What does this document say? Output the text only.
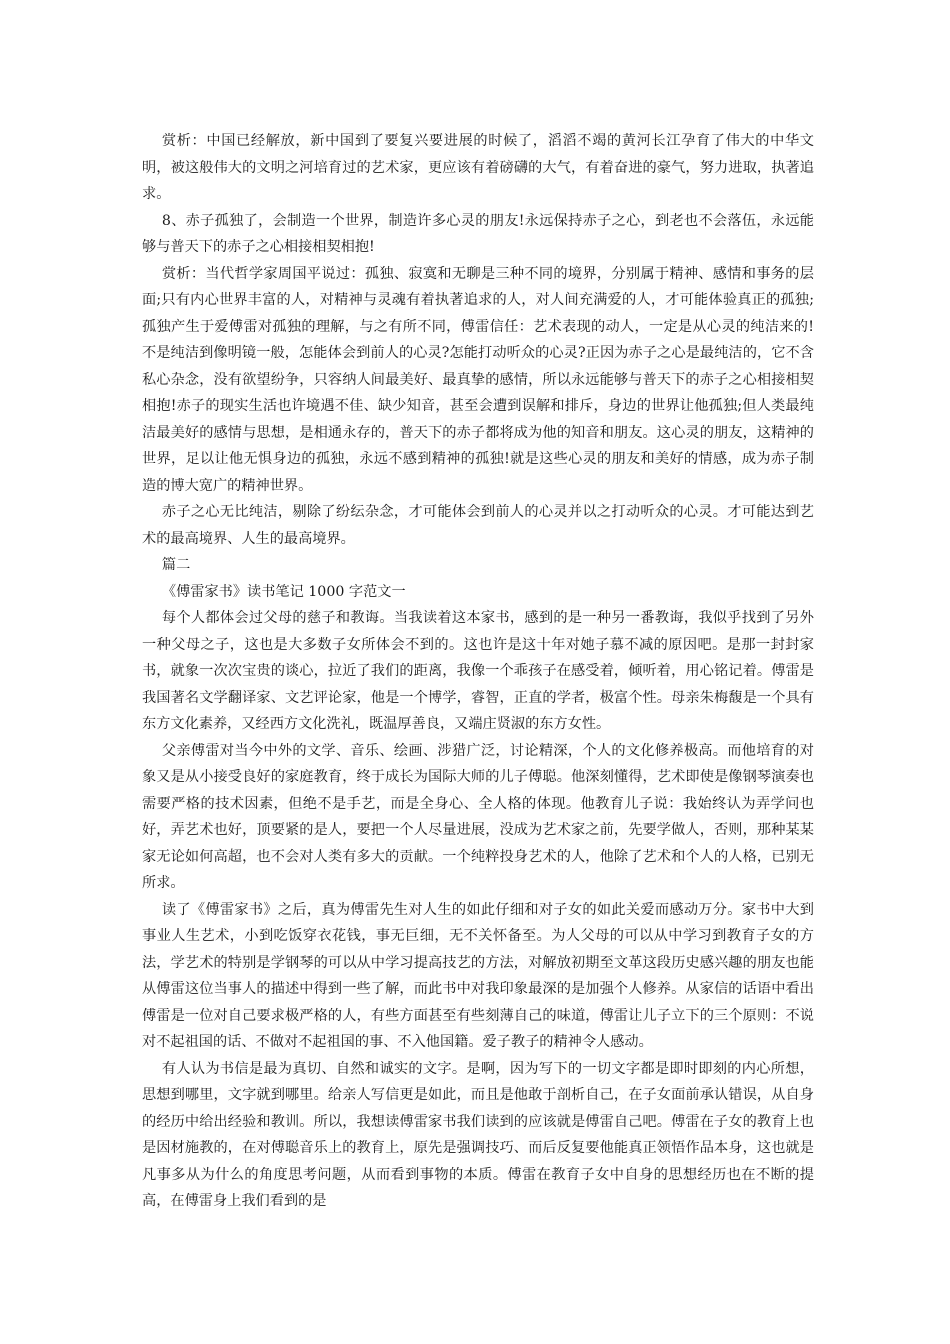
赏析：中国已经解放，新中国到了要复兴要进展的时候了，滔滔不竭的黄河长江孕育了伟大的中华文明，被这般伟大的文明之河培育过的艺术家，更应该有着磅礴的大气，有着奋进的豪气，努力进取，执著追求。

8、赤子孤独了，会制造一个世界，制造许多心灵的朋友!永远保持赤子之心，到老也不会落伍，永远能够与普天下的赤子之心相接相契相抱!

赏析：当代哲学家周国平说过：孤独、寂寞和无聊是三种不同的境界，分别属于精神、感情和事务的层面;只有内心世界丰富的人，对精神与灵魂有着执著追求的人，对人间充满爱的人，才可能体验真正的孤独;孤独产生于爱傅雷对孤独的理解，与之有所不同，傅雷信任：艺术表现的动人，一定是从心灵的纯洁来的!不是纯洁到像明镜一般，怎能体会到前人的心灵?怎能打动听众的心灵?正因为赤子之心是最纯洁的，它不含私心杂念，没有欲望纷争，只容纳人间最美好、最真挚的感情，所以永远能够与普天下的赤子之心相接相契相抱!赤子的现实生活也许境遇不佳、缺少知音，甚至会遭到误解和排斥，身边的世界让他孤独;但人类最纯洁最美好的感情与思想，是相通永存的，普天下的赤子都将成为他的知音和朋友。这心灵的朋友，这精神的世界，足以让他无惧身边的孤独，永远不感到精神的孤独!就是这些心灵的朋友和美好的情感，成为赤子制造的博大宽广的精神世界。

赤子之心无比纯洁，剔除了纷纭杂念，才可能体会到前人的心灵并以之打动听众的心灵。才可能达到艺术的最高境界、人生的最高境界。

篇二

《傅雷家书》读书笔记 1000 字范文一

每个人都体会过父母的慈子和教诲。当我读着这本家书，感到的是一种另一番教诲，我似乎找到了另外一种父母之子，这也是大多数子女所体会不到的。这也许是这十年对她子慕不减的原因吧。是那一封封家书，就象一次次宝贵的谈心，拉近了我们的距离，我像一个乖孩子在感受着，倾听着，用心铭记着。傅雷是我国著名文学翻译家、文艺评论家，他是一个博学，睿智，正直的学者，极富个性。母亲朱梅馥是一个具有东方文化素养，又经西方文化洗礼，既温厚善良，又端庄贤淑的东方女性。

父亲傅雷对当今中外的文学、音乐、绘画、涉猎广泛，讨论精深，个人的文化修养极高。而他培育的对象又是从小接受良好的家庭教育，终于成长为国际大师的儿子傅聪。他深刻懂得，艺术即使是像钢琴演奏也需要严格的技术因素，但绝不是手艺，而是全身心、全人格的体现。他教育儿子说：我始终认为弄学问也好，弄艺术也好，顶要紧的是人，要把一个人尽量进展，没成为艺术家之前，先要学做人，否则，那种某某家无论如何高超，也不会对人类有多大的贡献。一个纯粹投身艺术的人，他除了艺术和个人的人格，已别无所求。

读了《傅雷家书》之后，真为傅雷先生对人生的如此仔细和对子女的如此关爱而感动万分。家书中大到事业人生艺术，小到吃饭穿衣花钱，事无巨细，无不关怀备至。为人父母的可以从中学习到教育子女的方法，学艺术的特别是学钢琴的可以从中学习提高技艺的方法，对解放初期至文革这段历史感兴趣的朋友也能从傅雷这位当事人的描述中得到一些了解，而此书中对我印象最深的是加强个人修养。从家信的话语中看出傅雷是一位对自己要求极严格的人，有些方面甚至有些刻薄自己的味道，傅雷让儿子立下的三个原则：不说对不起祖国的话、不做对不起祖国的事、不入他国籍。爱子教子的精神令人感动。

有人认为书信是最为真切、自然和诚实的文字。是啊，因为写下的一切文字都是即时即刻的内心所想，思想到哪里，文字就到哪里。给亲人写信更是如此，而且是他敢于剖析自己，在子女面前承认错误，从自身的经历中给出经验和教训。所以，我想读傅雷家书我们读到的应该就是傅雷自己吧。傅雷在子女的教育上也是因材施教的，在对傅聪音乐上的教育上，原先是强调技巧、而后反复要他能真正领悟作品本身，这也就是凡事多从为什么的角度思考问题，从而看到事物的本质。傅雷在教育子女中自身的思想经历也在不断的提高，在傅雷身上我们看到的是
